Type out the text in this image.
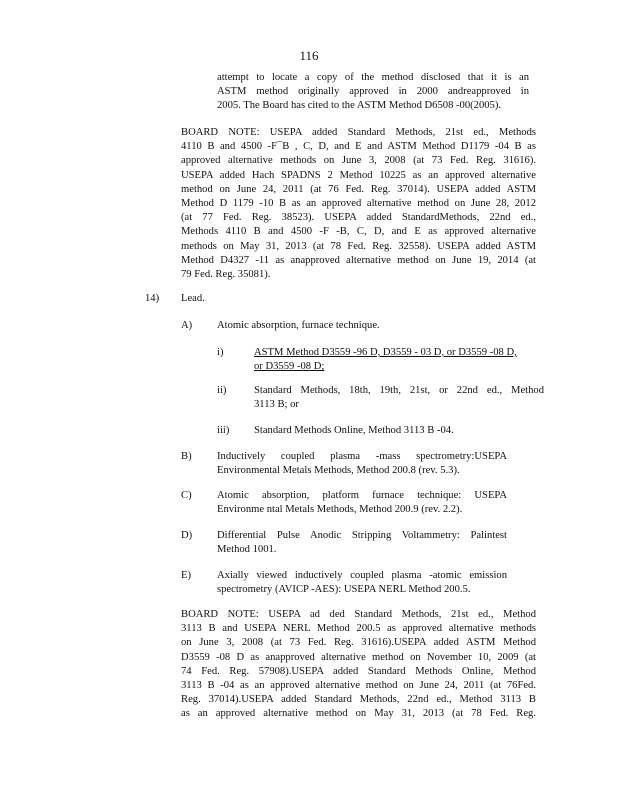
116
attempt to locate a copy of the method disclosed that it is an
ASTM method originally approved in 2000 andreapproved in
2005. The Board has cited to the ASTM Method D6508 -00(2005).
BOARD NOTE: USEPA added Standard Methods, 21st ed., Methods
4110 B and 4500 -F¯B , C, D, and E and ASTM Method D1179 -04 B as
approved alternative methods on June 3, 2008 (at 73 Fed. Reg. 31616).
USEPA added Hach SPADNS 2 Method 10225 as an approved alternative
method on June 24, 2011 (at 76 Fed. Reg. 37014). USEPA added ASTM
Method D 1179 -10 B as an approved alternative method on June 28, 2012
(at 77 Fed. Reg. 38523). USEPA added StandardMethods, 22nd ed.,
Methods 4110 B and 4500 -F -B, C, D, and E as approved alternative
methods on May 31, 2013 (at 78 Fed. Reg. 32558). USEPA added ASTM
Method D4327 -11 as anapproved alternative method on June 19, 2014 (at
79 Fed. Reg. 35081).
14) Lead.
A) Atomic absorption, furnace technique.
i)	ASTM Method D3559 -96 D, D3559 - 03 D, or D3559 -08 D,
or D3559 -08 D;
ii)	Standard Methods, 18th, 19th, 21st, or 22nd ed., Method
3113 B; or
iii) Standard Methods Online, Method 3113 B -04.
B) Inductively coupled plasma -mass spectrometry:USEPA
Environmental Metals Methods, Method 200.8 (rev. 5.3).
C) Atomic absorption, platform furnace technique: USEPA
Environme ntal Metals Methods, Method 200.9 (rev. 2.2).
D) Differential Pulse Anodic Stripping Voltammetry: Palintest
Method 1001.
E) Axially viewed inductively coupled plasma -atomic emission
spectrometry (AVICP -AES): USEPA NERL Method 200.5.
BOARD NOTE: USEPA ad ded Standard Methods, 21st ed., Method
3113 B and USEPA NERL Method 200.5 as approved alternative methods
on June 3, 2008 (at 73 Fed. Reg. 31616).USEPA added ASTM Method
D3559 -08 D as anapproved alternative method on November 10, 2009 (at
74 Fed. Reg. 57908).USEPA added Standard Methods Online, Method
3113 B -04 as an approved alternative method on June 24, 2011 (at 76Fed.
Reg. 37014).USEPA added Standard Methods, 22nd ed., Method 3113 B
as an approved alternative method on May 31, 2013 (at 78 Fed. Reg.
